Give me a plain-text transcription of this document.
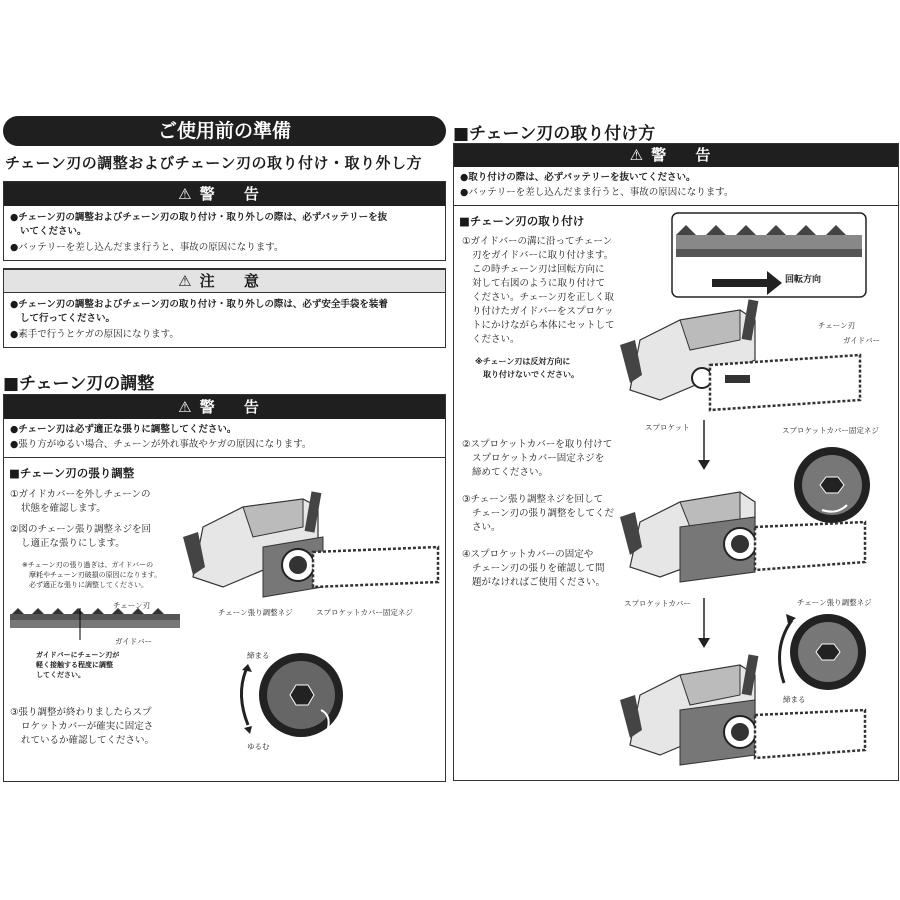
ご使用前の準備
チェーン刃の調整およびチェーン刃の取り付け・取り外し方
⚠ 警 告
●チェーン刃の調整およびチェーン刃の取り付け・取り外しの際は、必ずバッテリーを抜
いてください。
●バッテリーを差し込んだまま行うと、事故の原因になります。
⚠ 注 意
●チェーン刃の調整およびチェーン刃の取り付け・取り外しの際は、必ず安全手袋を装着
して行ってください。
●素手で行うとケガの原因になります。
■チェーン刃の調整
⚠ 警 告
●チェーン刃は必ず適正な張りに調整してください。
●張り方がゆるい場合、チェーンが外れ事故やケガの原因になります。
■チェーン刃の張り調整
①ガイドカバーを外しチェーンの
状態を確認します。
②図のチェーン張り調整ネジを回
し適正な張りにします。
※チェーン刃の張り過ぎは、ガイドバーの
摩耗やチェーン刃破損の原因になります。
必ず適正な張りに調整してください。
チェーン刃
ガイドバー
ガイドバーにチェーン刃が
軽く接触する程度に調整
してください。
③張り調整が終わりましたらスプ
ロケットカバーが確実に固定さ
れているか確認してください。
チェーン張り調整ネジ	スプロケットカバー固定ネジ
締まる
ゆるむ
■チェーン刃の取り付け方
⚠ 警 告
●取り付けの際は、必ずバッテリーを抜いてください。
●バッテリーを差し込んだまま行うと、事故の原因になります。
■チェーン刃の取り付け
①ガイドバーの溝に沿ってチェーン
刃をガイドバーに取り付けます。
この時チェーン刃は回転方向に
対して右図のように取り付けて
ください。チェーン刃を正しく取
り付けたガイドバーをスプロケッ
トにかけながら本体にセットして
ください。
※チェーン刃は反対方向に
取り付けないでください。
②スプロケットカバーを取り付けて
スプロケットカバー固定ネジを
締めてください。
③チェーン張り調整ネジを回して
チェーン刃の張り調整をしてくだ
さい。
④スプロケットカバーの固定や
チェーン刃の張りを確認して問
題がなければご使用ください。
回転方向
チェーン刃
ガイドバー
スプロケット	スプロケットカバー固定ネジ
スプロケットカバー	チェーン張り調整ネジ
締まる
